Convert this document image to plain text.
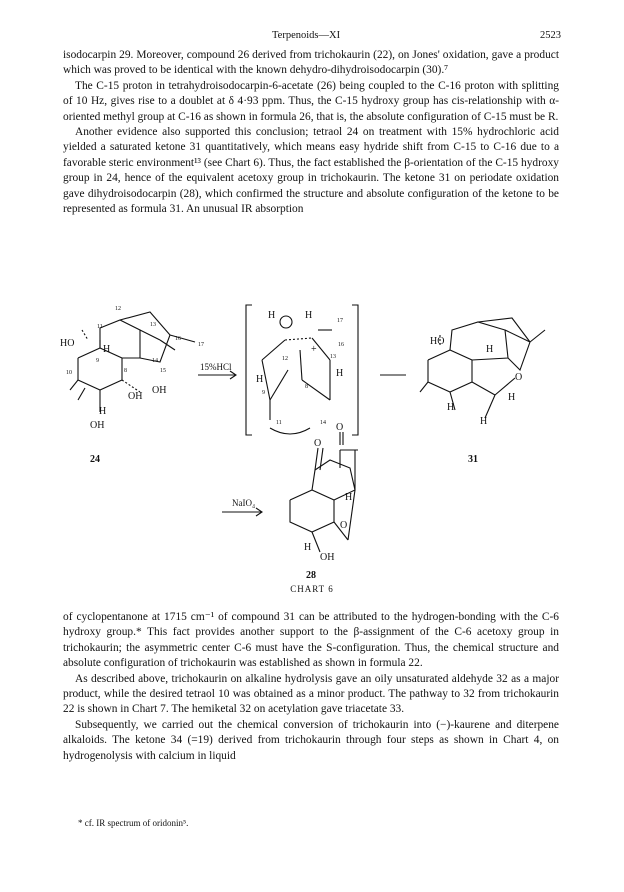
Terpenoids—XI	2523

isodocarpin 29. Moreover, compound 26 derived from trichokaurin (22), on Jones' oxidation, gave a product which was proved to be identical with the known dehydro-dihydroisodocarpin (30).⁷

The C-15 proton in tetrahydroisodocarpin-6-acetate (26) being coupled to the C-16 proton with splitting of 10 Hz, gives rise to a doublet at δ 4·93 ppm. Thus, the C-15 hydroxy group has cis-relationship with α-oriented methyl group at C-16 as shown in formula 26, that is, the absolute configuration of C-15 must be R.

Another evidence also supported this conclusion; tetraol 24 on treatment with 15% hydrochloric acid yielded a saturated ketone 31 quantitatively, which means easy hydride shift from C-15 to C-16 due to a favorable steric environment¹³ (see Chart 6). Thus, the fact established the β-orientation of the C-15 hydroxy group in 24, hence of the equivalent acetoxy group in trichokaurin. The ketone 31 on periodate oxidation gave dihydroisodocarpin (28), which confirmed the structure and absolute configuration of the ketone to be represented as formula 31. An unusual IR absorption

HO
H
H
OH
OH
OH
12
11	13
16
17
14
9
8
10	15
24
15%HCl
H	H
+
H
H
17
16
13
12
9
8
11	14
HO
H
H
O
H
H
31
NaIO₄
O
O
H
O
H
OH
28
CHART 6

of cyclopentanone at 1715 cm⁻¹ of compound 31 can be attributed to the hydrogen-bonding with the C-6 hydroxy group.* This fact provides another support to the β-assignment of the C-6 acetoxy group in trichokaurin; the asymmetric center C-6 must have the S-configuration. Thus, the chemical structure and absolute configuration of trichokaurin was established as shown in formula 22.

As described above, trichokaurin on alkaline hydrolysis gave an oily unsaturated aldehyde 32 as a major product, while the desired tetraol 10 was obtained as a minor product. The pathway to 32 from trichokaurin 22 is shown in Chart 7. The hemiketal 32 on acetylation gave triacetate 33.

Subsequently, we carried out the chemical conversion of trichokaurin into (−)-kaurene and diterpene alkaloids. The ketone 34 (=19) derived from trichokaurin through four steps as shown in Chart 4, on hydrogenolysis with calcium in liquid

* cf. IR spectrum of oridonin⁵.
